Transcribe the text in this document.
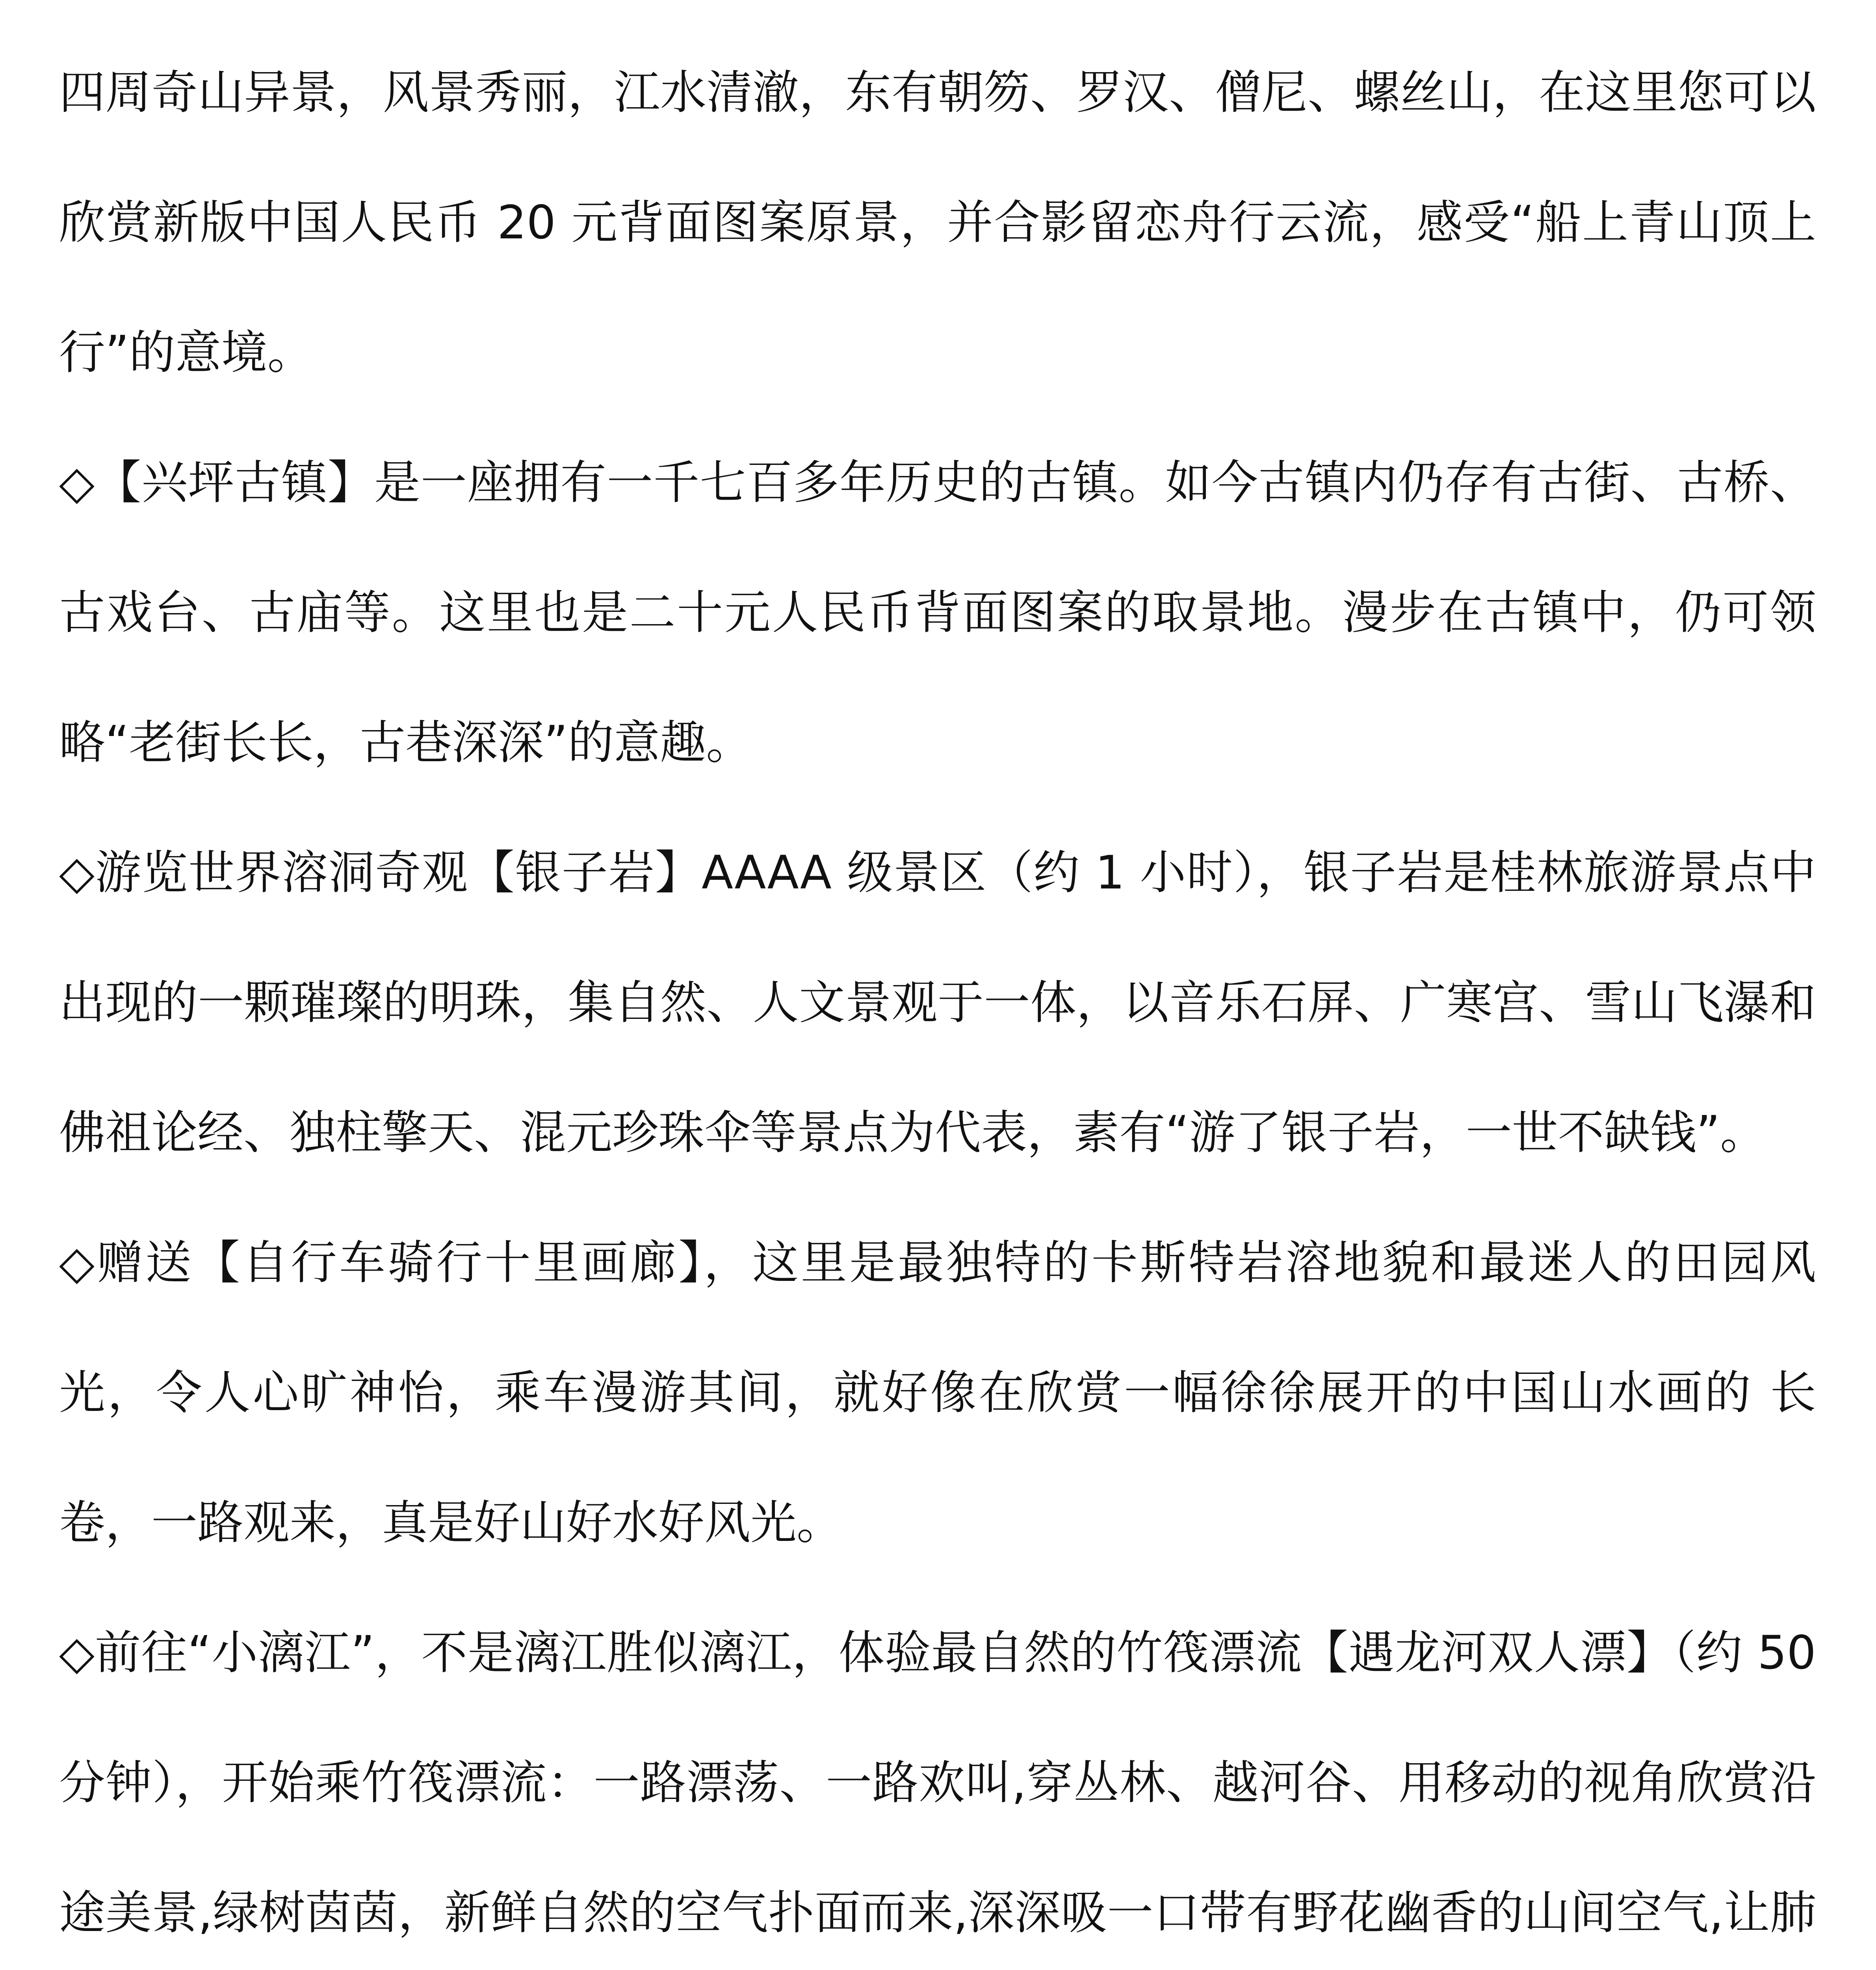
四周奇山异景，风景秀丽，江水清澈，东有朝笏、罗汉、僧尼、螺丝山，在这里您可以欣赏新版中国人民币 20 元背面图案原景，并合影留恋舟行云流，感受“船上青山顶上行”的意境。

◇【兴坪古镇】是一座拥有一千七百多年历史的古镇。如今古镇内仍存有古街、古桥、古戏台、古庙等。这里也是二十元人民币背面图案的取景地。漫步在古镇中，仍可领略“老街长长，古巷深深”的意趣。

◇游览世界溶洞奇观【银子岩】AAAA 级景区（约 1 小时），银子岩是桂林旅游景点中出现的一颗璀璨的明珠，集自然、人文景观于一体，以音乐石屏、广寒宫、雪山飞瀑和佛祖论经、独柱擎天、混元珍珠伞等景点为代表，素有“游了银子岩，一世不缺钱”。

◇赠送【自行车骑行十里画廊】，这里是最独特的卡斯特岩溶地貌和最迷人的田园风 光，令人心旷神怡，乘车漫游其间，就好像在欣赏一幅徐徐展开的中国山水画的 长卷，一路观来，真是好山好水好风光。

◇前往“小漓江”，不是漓江胜似漓江，体验最自然的竹筏漂流【遇龙河双人漂】（约 50 分钟），开始乘竹筏漂流：一路漂荡、一路欢叫,穿丛林、越河谷、用移动的视角欣赏沿途美景,绿树茵茵，新鲜自然的空气扑面而来,深深吸一口带有野花幽香的山间空气,让肺
